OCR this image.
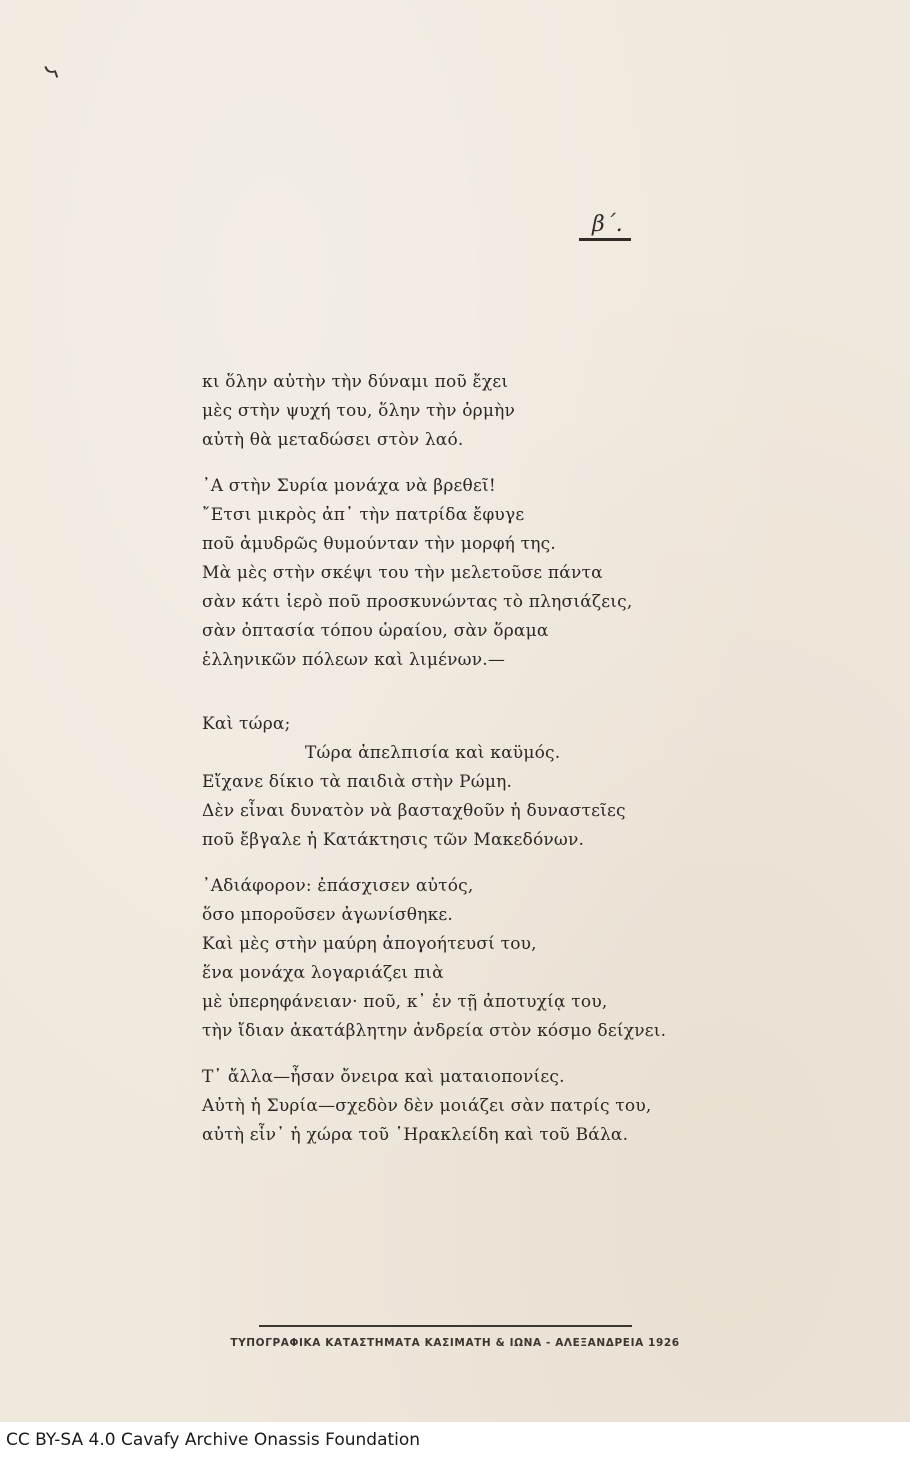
ᓭ
β΄.
κι ὅλην αὐτὴν τὴν δύναμι ποῦ ἔχει
μὲς στὴν ψυχή του, ὅλην τὴν ὁρμὴν
αὐτὴ θὰ μεταδώσει στὸν λαό.
᾿Α στὴν Συρία μονάχα νὰ βρεθεῖ!
῎Ετσι μικρὸς ἀπ᾿ τὴν πατρίδα ἔφυγε
ποῦ ἀμυδρῶς θυμούνταν τὴν μορφή της.
Μὰ μὲς στὴν σκέψι του τὴν μελετοῦσε πάντα
σὰν κάτι ἱερὸ ποῦ προσκυνώντας τὸ πλησιάζεις,
σὰν ὀπτασία τόπου ὡραίου, σὰν ὅραμα
ἑλληνικῶν πόλεων καὶ λιμένων.—
Καὶ τώρα;
Τώρα ἀπελπισία καὶ καϋμός.
Εἴχανε δίκιο τὰ παιδιὰ στὴν Ρώμη.
Δὲν εἶναι δυνατὸν νὰ βασταχθοῦν ἡ δυναστεῖες
ποῦ ἔβγαλε ἡ Κατάκτησις τῶν Μακεδόνων.
᾿Αδιάφορον: ἐπάσχισεν αὐτός,
ὅσο μποροῦσεν ἀγωνίσθηκε.
Καὶ μὲς στὴν μαύρη ἀπογοήτευσί του,
ἕνα μονάχα λογαριάζει πιὰ
μὲ ὑπερηφάνειαν· ποῦ, κ᾿ ἐν τῇ ἀποτυχίᾳ του,
τὴν ἴδιαν ἀκατάβλητην ἀνδρεία στὸν κόσμο δείχνει.
Τ᾿ ἄλλα—ἦσαν ὄνειρα καὶ ματαιοπονίες.
Αὐτὴ ἡ Συρία—σχεδὸν δὲν μοιάζει σὰν πατρίς του,
αὐτὴ εἶν᾿ ἡ χώρα τοῦ ῾Ηρακλείδη καὶ τοῦ Βάλα.
ΤΥΠΟΓΡΑΦΙΚΑ ΚΑΤΑΣΤΗΜΑΤΑ ΚΑΣΙΜΑΤΗ & ΙΩΝΑ - ΑΛΕΞΑΝΔΡΕΙΑ 1926
CC BY-SA 4.0 Cavafy Archive Onassis Foundation
